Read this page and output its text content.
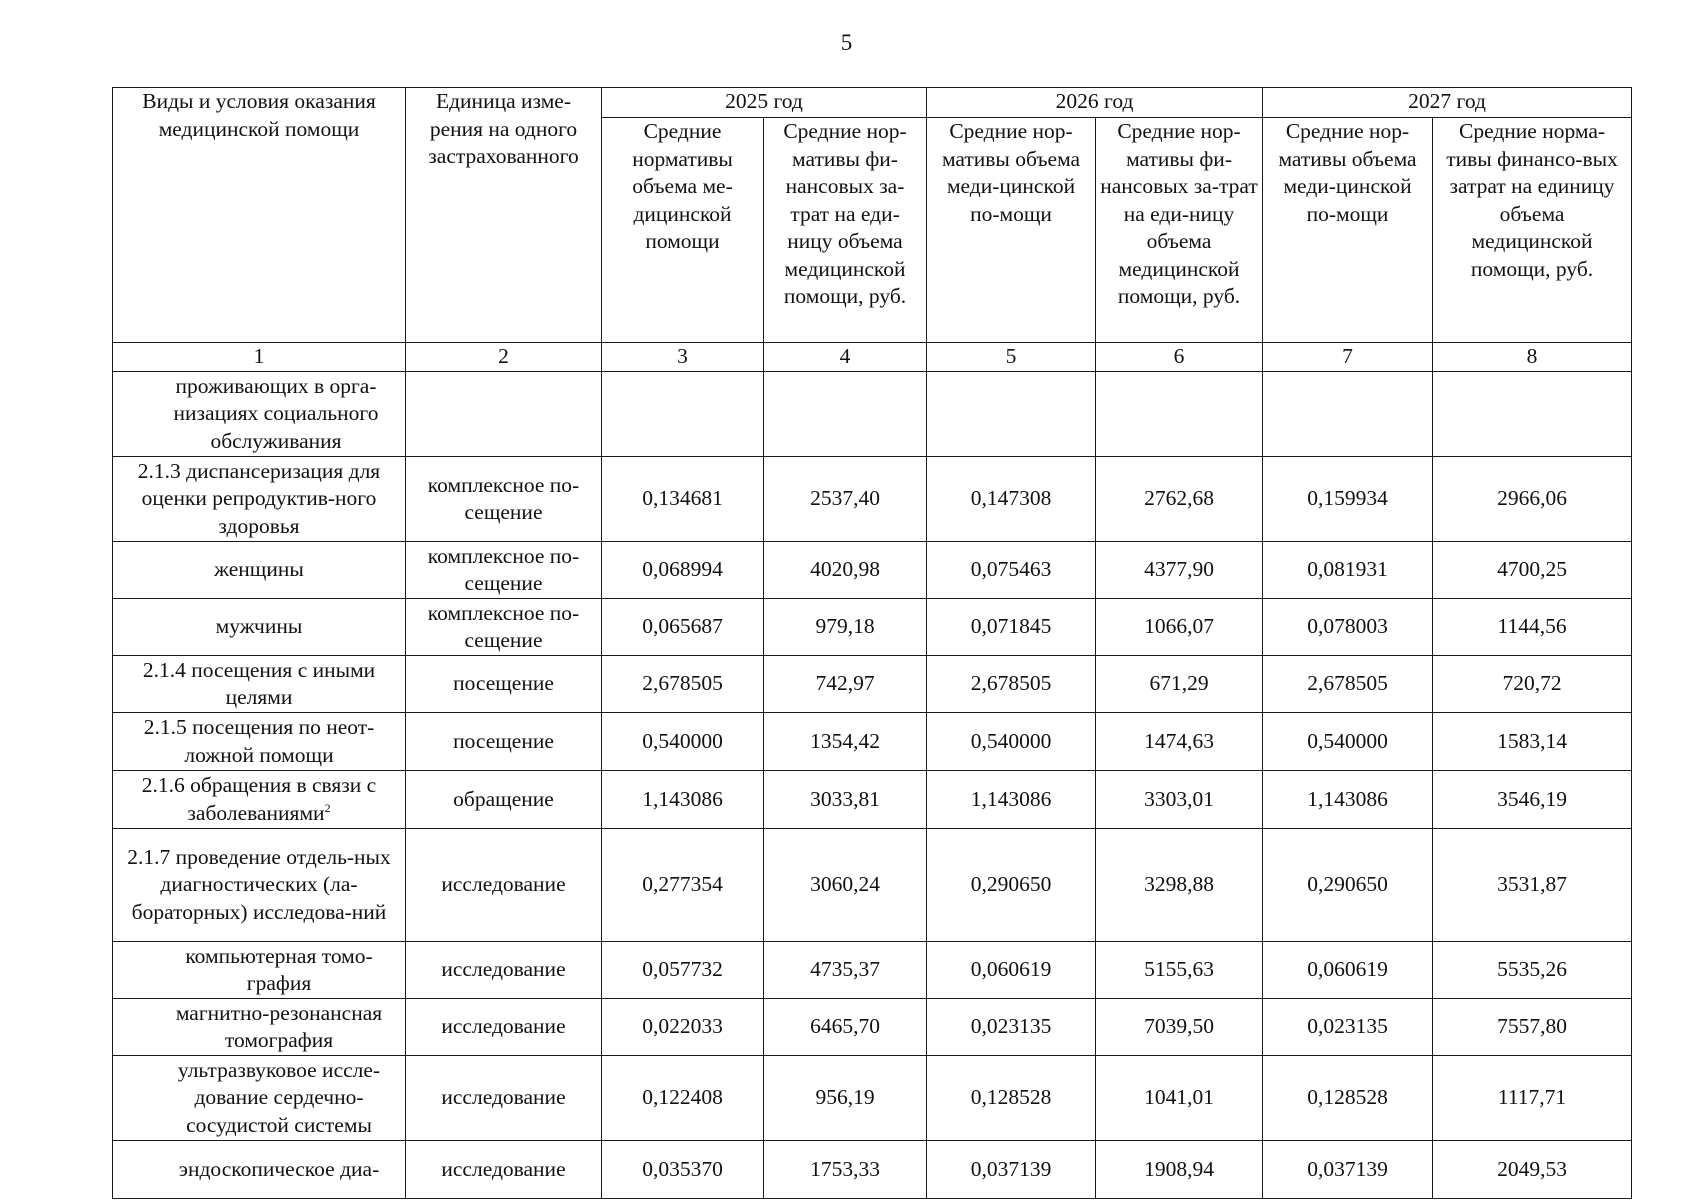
5
Виды и условия оказания медицинской помощи	Единица изме-рения на одного застрахованного	2025 год		2026 год		2027 год	
		Средние нормативы объема ме-дицинской помощи	Средние нор-мативы фи-нансовых за-трат на еди-ницу объема медицинской помощи, руб.	Средние нор-мативы объема меди-цинской по-мощи	Средние нор-мативы фи-нансовых за-трат на еди-ницу объема медицинской помощи, руб.	Средние нор-мативы объема меди-цинской по-мощи	Средние норма-тивы финансо-вых затрат на единицу объема медицинской помощи, руб.
1	2	3	4	5	6	7	8
проживающих в орга-низациях социального обслуживания							
2.1.3 диспансеризация для оценки репродуктив-ного здоровья	комплексное по-сещение	0,134681	2537,40	0,147308	2762,68	0,159934	2966,06
женщины	комплексное по-сещение	0,068994	4020,98	0,075463	4377,90	0,081931	4700,25
мужчины	комплексное по-сещение	0,065687	979,18	0,071845	1066,07	0,078003	1144,56
2.1.4 посещения с иными целями	посещение	2,678505	742,97	2,678505	671,29	2,678505	720,72
2.1.5 посещения по неот-ложной помощи	посещение	0,540000	1354,42	0,540000	1474,63	0,540000	1583,14
2.1.6 обращения в связи с заболеваниями$^2$	обращение	1,143086	3033,81	1,143086	3303,01	1,143086	3546,19
2.1.7 проведение отдель-ных диагностических (ла-бораторных) исследова-ний	исследование	0,277354	3060,24	0,290650	3298,88	0,290650	3531,87
компьютерная томо-графия	исследование	0,057732	4735,37	0,060619	5155,63	0,060619	5535,26
магнитно-резонансная томография	исследование	0,022033	6465,70	0,023135	7039,50	0,023135	7557,80
ультразвуковое иссле-дование сердечно-сосудистой системы	исследование	0,122408	956,19	0,128528	1041,01	0,128528	1117,71
эндоскопическое диа-	исследование	0,035370	1753,33	0,037139	1908,94	0,037139	2049,53
